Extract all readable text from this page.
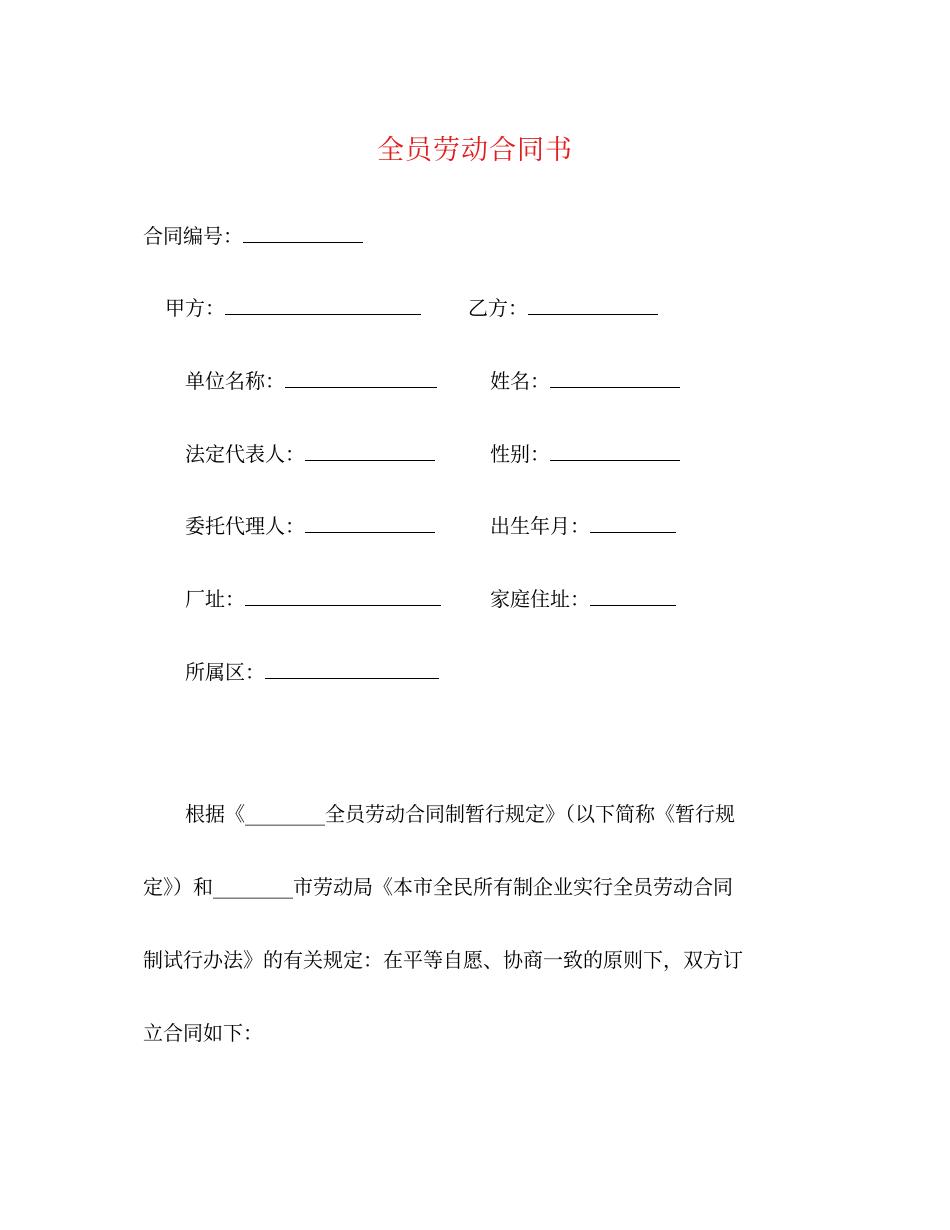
全员劳动合同书
合同编号：
甲方：	乙方：
单位名称：	姓名：
法定代表人：	性别：
委托代理人：	出生年月：
厂址：	家庭住址：
所属区：

根据《________全员劳动合同制暂行规定》（以下简称《暂行规

定》）和________市劳动局《本市全民所有制企业实行全员劳动合同

制试行办法》的有关规定：在平等自愿、协商一致的原则下，双方订

立合同如下：
